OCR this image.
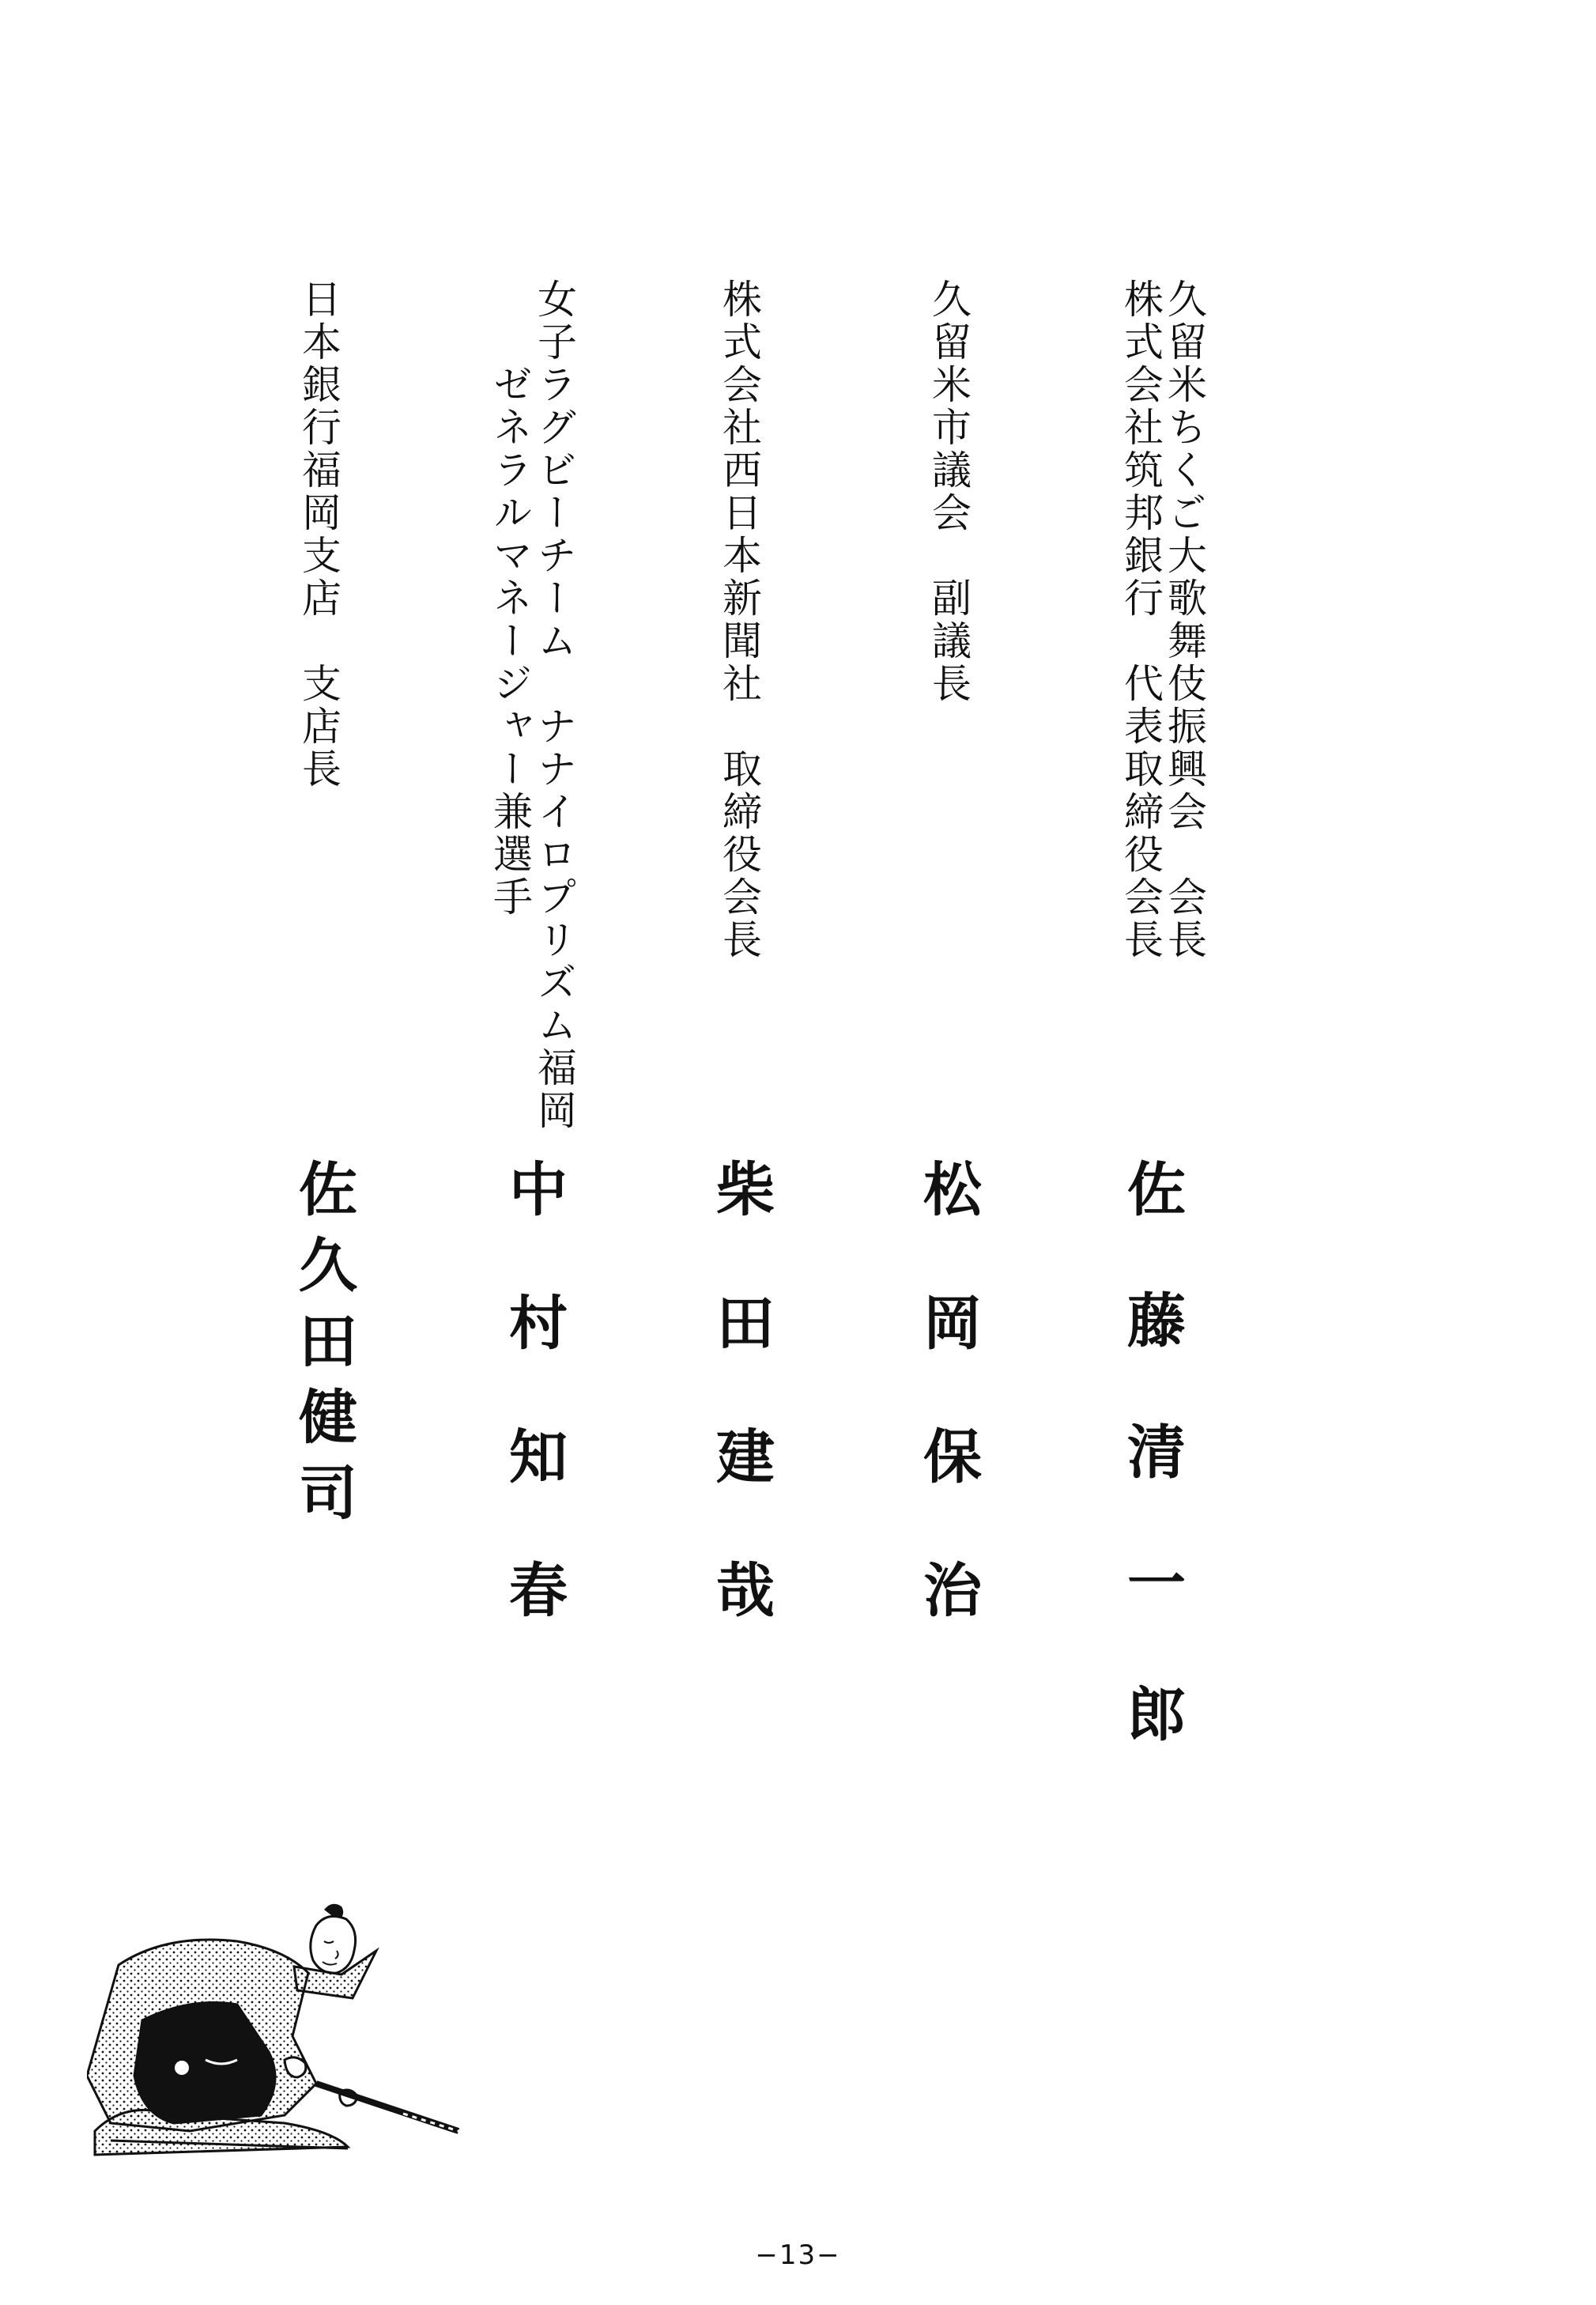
久留米ちくご大歌舞伎振興会　会長
株式会社筑邦銀行　代表取締役会長
佐藤清一郎
久留米市議会　副議長
松岡保治
株式会社西日本新聞社　取締役会長
柴田建哉
女子ラグビーチーム　ナナイロプリズム福岡
　　ゼネラルマネージャー兼選手
中村知春
日本銀行福岡支店　支店長
佐久田健司
−13−
